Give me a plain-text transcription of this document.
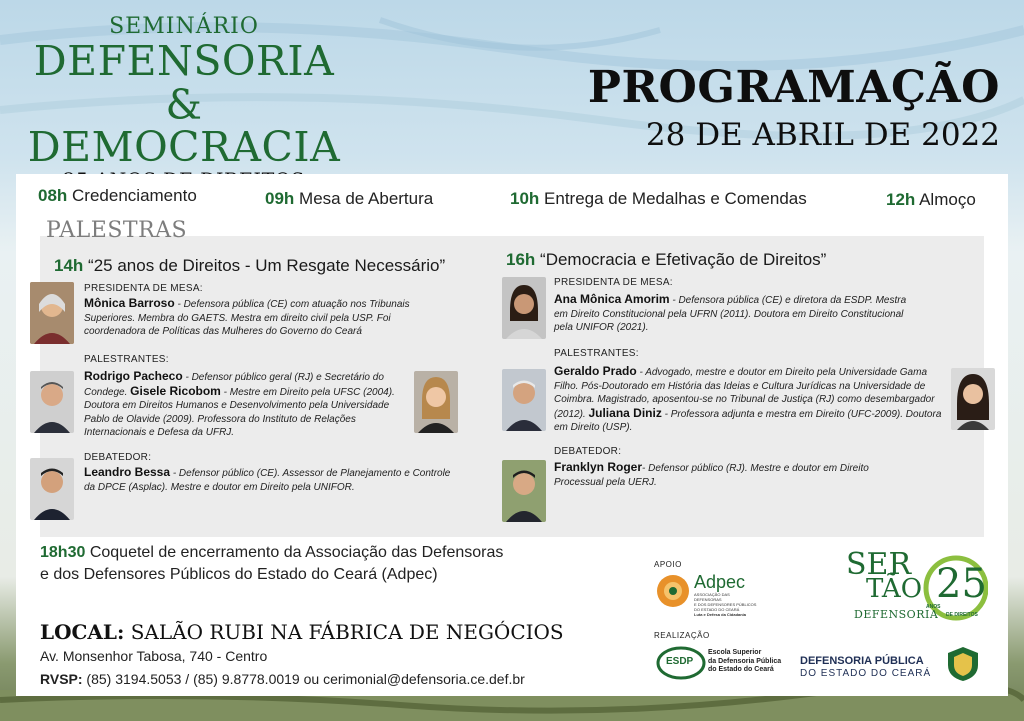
SEMINÁRIO
DEFENSORIA &
DEMOCRACIA
PROGRAMAÇÃO
28 DE ABRIL DE 2022
08h Credenciamento	09h Mesa de Abertura	10h Entrega de Medalhas e Comendas	12h Almoço
PALESTRAS
14h “25 anos de Direitos - Um Resgate Necessário”
PRESIDENTA DE MESA:
Mônica Barroso - Defensora pública (CE) com atuação nos Tribunais Superiores. Membra do GAETS. Mestra em direito civil pela USP. Foi coordenadora de Políticas das Mulheres do Governo do Ceará
PALESTRANTES:
Rodrigo Pacheco - Defensor público geral (RJ) e Secretário do Condege. Gisele Ricobom - Mestre em Direito pela UFSC (2004). Doutora em Direitos Humanos e Desenvolvimento pela Universidade Pablo de Olavide (2009). Professora do Instituto de Relações Internacionais e Defesa da UFRJ.
DEBATEDOR:
Leandro Bessa - Defensor público (CE). Assessor de Planejamento e Controle da DPCE (Asplac). Mestre e doutor em Direito pela UNIFOR.
16h “Democracia e Efetivação de Direitos”
PRESIDENTA DE MESA:
Ana Mônica Amorim - Defensora pública (CE) e diretora da ESDP. Mestra em Direito Constitucional pela UFRN (2011). Doutora em Direito Constitucional pela UNIFOR (2021).
PALESTRANTES:
Geraldo Prado - Advogado, mestre e doutor em Direito pela Universidade Gama Filho. Pós-Doutorado em História das Ideias e Cultura Jurídicas na Universidade de Coimbra. Magistrado, aposentou-se no Tribunal de Justiça (RJ) como desembargador (2012). Juliana Diniz - Professora adjunta e mestra em Direito (UFC-2009). Doutora em Direito (USP).
DEBATEDOR:
Franklyn Roger- Defensor público (RJ). Mestre e doutor em Direito Processual pela UERJ.
18h30 Coquetel de encerramento da Associação das Defensoras
e dos Defensores Públicos do Estado do Ceará (Adpec)
LOCAL: SALÃO RUBI NA FÁBRICA DE NEGÓCIOS
Av. Monsenhor Tabosa, 740 - Centro
RVSP: (85) 3194.5053 / (85) 9.8778.0019 ou cerimonial@defensoria.ce.def.br
APOIO
Adpec
ASSOCIAÇÃO DAS DEFENSORAS
E DOS DEFENSORES PÚBLICOS
DO ESTADO DO CEARÁ
Luta e Defesa da Cidadania
REALIZAÇÃO
ESDP
Escola Superior
da Defensoria Pública
do Estado do Ceará
DEFENSORIA PÚBLICA
DO ESTADO DO CEARÁ
SER
TÃO 25
ANOS
DE DIREITOS
DEFENSORIA
